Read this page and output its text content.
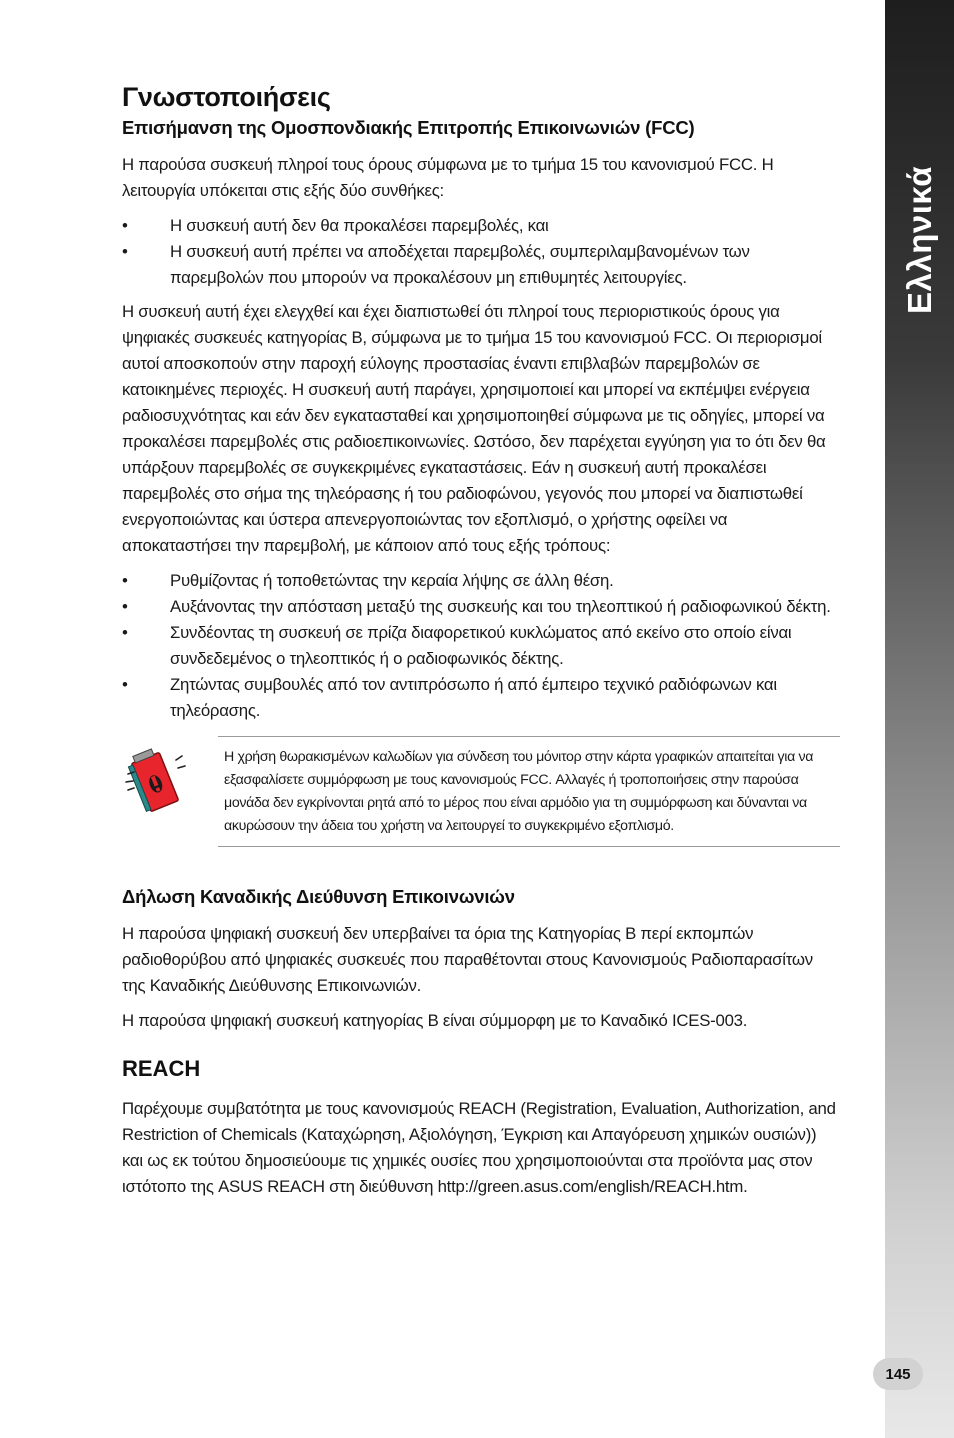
Ελληνικά
Γνωστοποιήσεις
Επισήμανση της Ομοσπονδιακής Επιτροπής Επικοινωνιών (FCC)

Η παρούσα συσκευή πληροί τους όρους σύμφωνα με το τμήμα 15 του κανονισμού FCC. Η λειτουργία υπόκειται στις εξής δύο συνθήκες:

• Η συσκευή αυτή δεν θα προκαλέσει παρεμβολές, και
• Η συσκευή αυτή πρέπει να αποδέχεται παρεμβολές, συμπεριλαμβανομένων των παρεμβολών που μπορούν να προκαλέσουν μη επιθυμητές λειτουργίες.

Η συσκευή αυτή έχει ελεγχθεί και έχει διαπιστωθεί ότι πληροί τους περιοριστικούς όρους για ψηφιακές συσκευές κατηγορίας B, σύμφωνα με το τμήμα 15 του κανονισμού FCC. Οι περιορισμοί αυτοί αποσκοπούν στην παροχή εύλογης προστασίας έναντι επιβλαβών παρεμβολών σε κατοικημένες περιοχές. Η συσκευή αυτή παράγει, χρησιμοποιεί και μπορεί να εκπέμψει ενέργεια ραδιοσυχνότητας και εάν δεν εγκατασταθεί και χρησιμοποιηθεί σύμφωνα με τις οδηγίες, μπορεί να προκαλέσει παρεμβολές στις ραδιοεπικοινωνίες. Ωστόσο, δεν παρέχεται εγγύηση για το ότι δεν θα υπάρξουν παρεμβολές σε συγκεκριμένες εγκαταστάσεις. Εάν η συσκευή αυτή προκαλέσει παρεμβολές στο σήμα της τηλεόρασης ή του ραδιοφώνου, γεγονός που μπορεί να διαπιστωθεί ενεργοποιώντας και ύστερα απενεργοποιώντας τον εξοπλισμό, ο χρήστης οφείλει να αποκαταστήσει την παρεμβολή, με κάποιον από τους εξής τρόπους:

• Ρυθμίζοντας ή τοποθετώντας την κεραία λήψης σε άλλη θέση.
• Αυξάνοντας την απόσταση μεταξύ της συσκευής και του τηλεοπτικού ή ραδιοφωνικού δέκτη.
• Συνδέοντας τη συσκευή σε πρίζα διαφορετικού κυκλώματος από εκείνο στο οποίο είναι συνδεδεμένος ο τηλεοπτικός ή ο ραδιοφωνικός δέκτης.
• Ζητώντας συμβουλές από τον αντιπρόσωπο ή από έμπειρο τεχνικό ραδιόφωνων και τηλεόρασης.

Η χρήση θωρακισμένων καλωδίων για σύνδεση του μόνιτορ στην κάρτα γραφικών απαιτείται για να εξασφαλίσετε συμμόρφωση με τους κανονισμούς FCC. Αλλαγές ή τροποποιήσεις στην παρούσα μονάδα δεν εγκρίνονται ρητά από το μέρος που είναι αρμόδιο για τη συμμόρφωση και δύνανται να ακυρώσουν την άδεια του χρήστη να λειτουργεί το συγκεκριμένο εξοπλισμό.

Δήλωση Καναδικής Διεύθυνση Επικοινωνιών

Η παρούσα ψηφιακή συσκευή δεν υπερβαίνει τα όρια της Κατηγορίας Β περί εκπομπών ραδιοθορύβου από ψηφιακές συσκευές που παραθέτονται στους Κανονισμούς Ραδιοπαρασίτων της Καναδικής Διεύθυνσης Επικοινωνιών.

Η παρούσα ψηφιακή συσκευή κατηγορίας Β είναι σύμμορφη με το Καναδικό ICES-003.

REACH

Παρέχουμε συμβατότητα με τους κανονισμούς REACH (Registration, Evaluation, Authorization, and Restriction of Chemicals (Καταχώρηση, Αξιολόγηση, Έγκριση και Απαγόρευση χημικών ουσιών)) και ως εκ τούτου δημοσιεύουμε τις χημικές ουσίες που χρησιμοποιούνται στα προϊόντα μας στον ιστότοπο της ASUS REACH στη διεύθυνση http://green.asus.com/english/REACH.htm.

145
